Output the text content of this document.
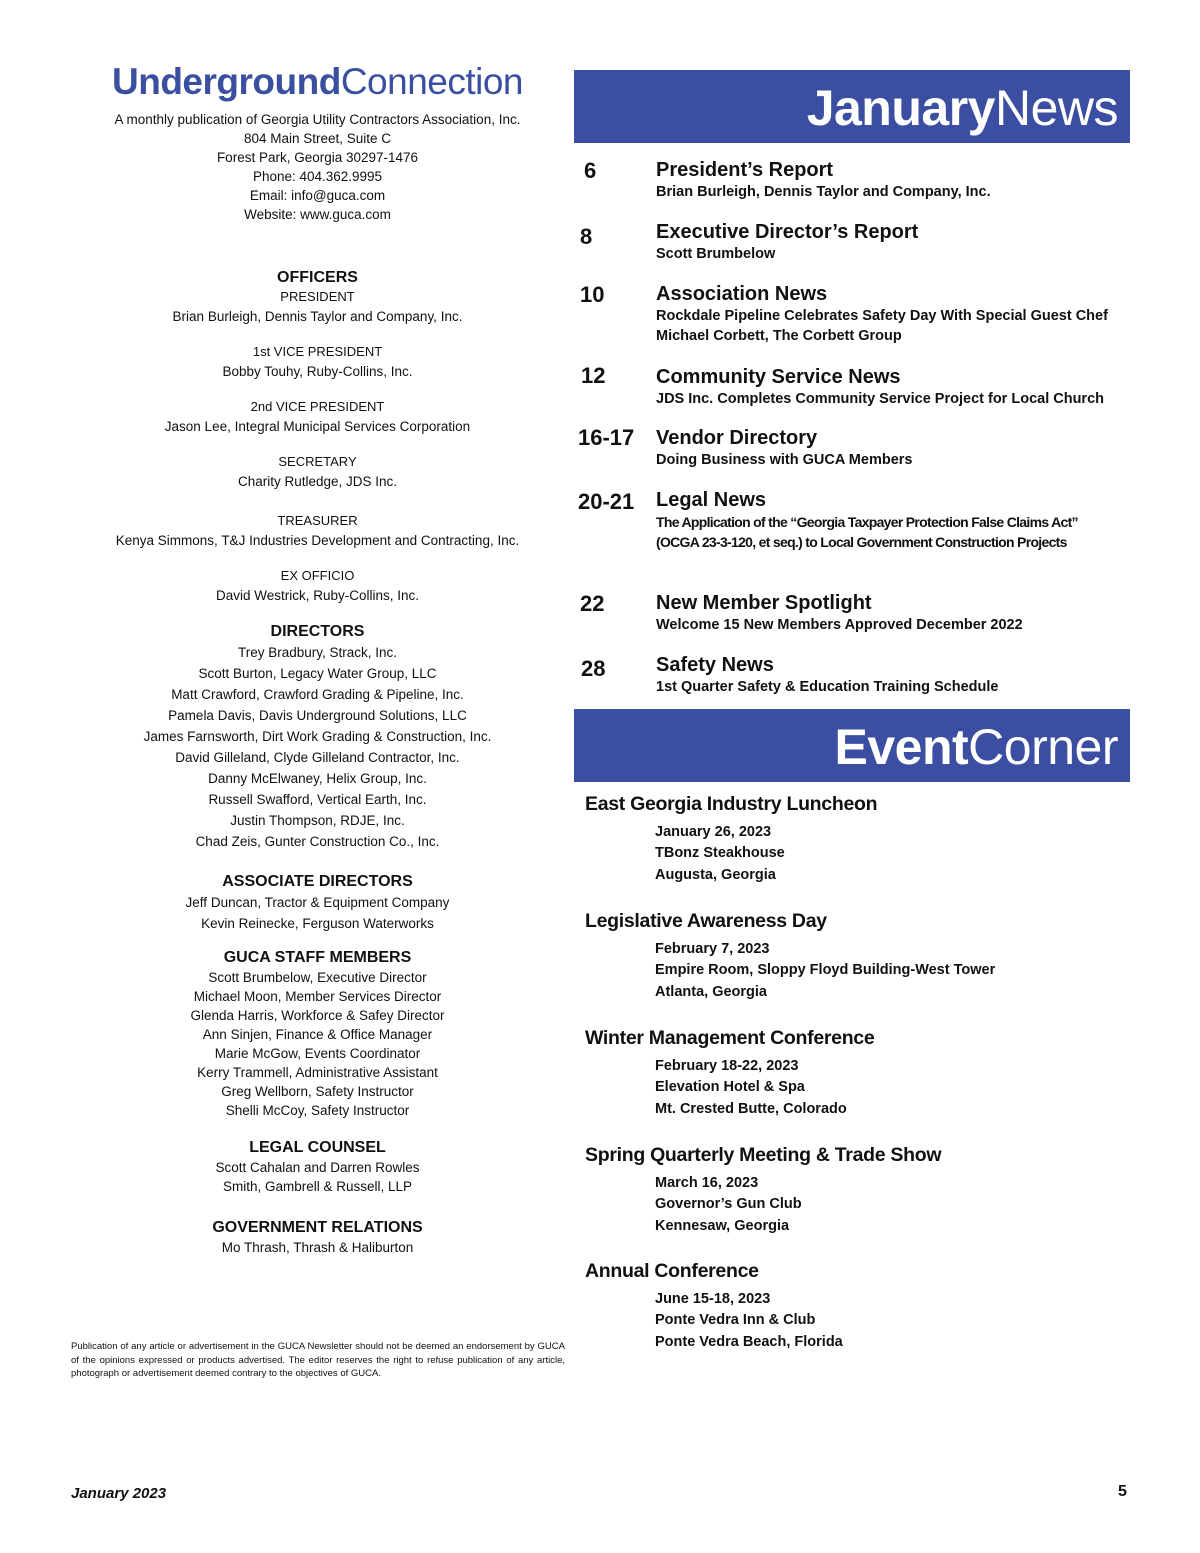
UndergroundConnection
A monthly publication of Georgia Utility Contractors Association, Inc.
804 Main Street, Suite C
Forest Park, Georgia 30297-1476
Phone: 404.362.9995
Email: info@guca.com
Website: www.guca.com
OFFICERS
PRESIDENT
Brian Burleigh, Dennis Taylor and Company, Inc.
1st VICE PRESIDENT
Bobby Touhy, Ruby-Collins, Inc.
2nd VICE PRESIDENT
Jason Lee, Integral Municipal Services Corporation
SECRETARY
Charity Rutledge, JDS Inc.
TREASURER
Kenya Simmons, T&J Industries Development and Contracting, Inc.
EX OFFICIO
David Westrick, Ruby-Collins, Inc.
DIRECTORS
Trey Bradbury, Strack, Inc.
Scott Burton, Legacy Water Group, LLC
Matt Crawford, Crawford Grading & Pipeline, Inc.
Pamela Davis, Davis Underground Solutions, LLC
James Farnsworth, Dirt Work Grading & Construction, Inc.
David Gilleland, Clyde Gilleland Contractor, Inc.
Danny McElwaney, Helix Group, Inc.
Russell Swafford, Vertical Earth, Inc.
Justin Thompson, RDJE, Inc.
Chad Zeis, Gunter Construction Co., Inc.
ASSOCIATE DIRECTORS
Jeff Duncan, Tractor & Equipment Company
Kevin Reinecke, Ferguson Waterworks
GUCA STAFF MEMBERS
Scott Brumbelow, Executive Director
Michael Moon, Member Services Director
Glenda Harris, Workforce & Safey Director
Ann Sinjen, Finance & Office Manager
Marie McGow, Events Coordinator
Kerry Trammell, Administrative Assistant
Greg Wellborn, Safety Instructor
Shelli McCoy, Safety Instructor
LEGAL COUNSEL
Scott Cahalan and Darren Rowles
Smith, Gambrell & Russell, LLP
GOVERNMENT RELATIONS
Mo Thrash, Thrash & Haliburton
Publication of any article or advertisement in the GUCA Newsletter should not be deemed an endorsement by GUCA of the opinions expressed or products advertised. The editor reserves the right to refuse publication of any article, photograph or advertisement deemed contrary to the objectives of GUCA.
JanuaryNews
6	President’s Report
Brian Burleigh, Dennis Taylor and Company, Inc.
8	Executive Director’s Report
Scott Brumbelow
10	Association News
Rockdale Pipeline Celebrates Safety Day With Special Guest Chef
Michael Corbett, The Corbett Group
12	Community Service News
JDS Inc. Completes Community Service Project for Local Church
16-17	Vendor Directory
Doing Business with GUCA Members
20-21	Legal News
The Application of the “Georgia Taxpayer Protection False Claims Act”
(OCGA 23-3-120, et seq.) to Local Government Construction Projects
22	New Member Spotlight
Welcome 15 New Members Approved December 2022
28	Safety News
1st Quarter Safety & Education Training Schedule
EventCorner
East Georgia Industry Luncheon
January 26, 2023
TBonz Steakhouse
Augusta, Georgia
Legislative Awareness Day
February 7, 2023
Empire Room, Sloppy Floyd Building-West Tower
Atlanta, Georgia
Winter Management Conference
February 18-22, 2023
Elevation Hotel & Spa
Mt. Crested Butte, Colorado
Spring Quarterly Meeting & Trade Show
March 16, 2023
Governor’s Gun Club
Kennesaw, Georgia
Annual Conference
June 15-18, 2023
Ponte Vedra Inn & Club
Ponte Vedra Beach, Florida
January 2023	5
